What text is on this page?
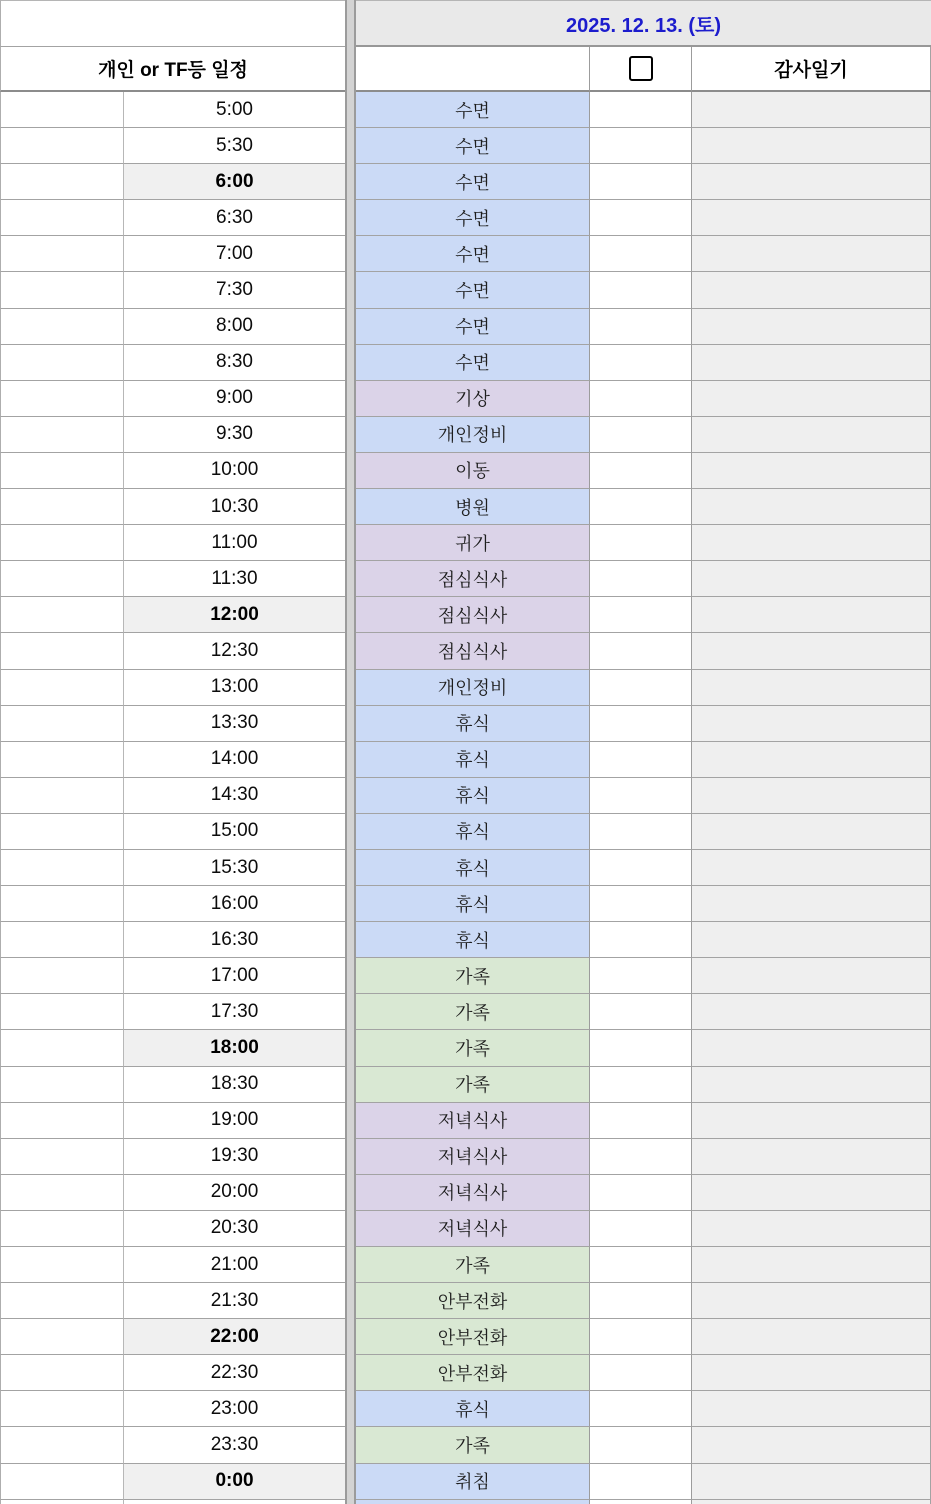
2025. 12. 13. (토)
개인 or TF등 일정	감사일기
5:00	수면
5:30	수면
6:00	수면
6:30	수면
7:00	수면
7:30	수면
8:00	수면
8:30	수면
9:00	기상
9:30	개인정비
10:00	이동
10:30	병원
11:00	귀가
11:30	점심식사
12:00	점심식사
12:30	점심식사
13:00	개인정비
13:30	휴식
14:00	휴식
14:30	휴식
15:00	휴식
15:30	휴식
16:00	휴식
16:30	휴식
17:00	가족
17:30	가족
18:00	가족
18:30	가족
19:00	저녁식사
19:30	저녁식사
20:00	저녁식사
20:30	저녁식사
21:00	가족
21:30	안부전화
22:00	안부전화
22:30	안부전화
23:00	휴식
23:30	가족
0:00	취침
